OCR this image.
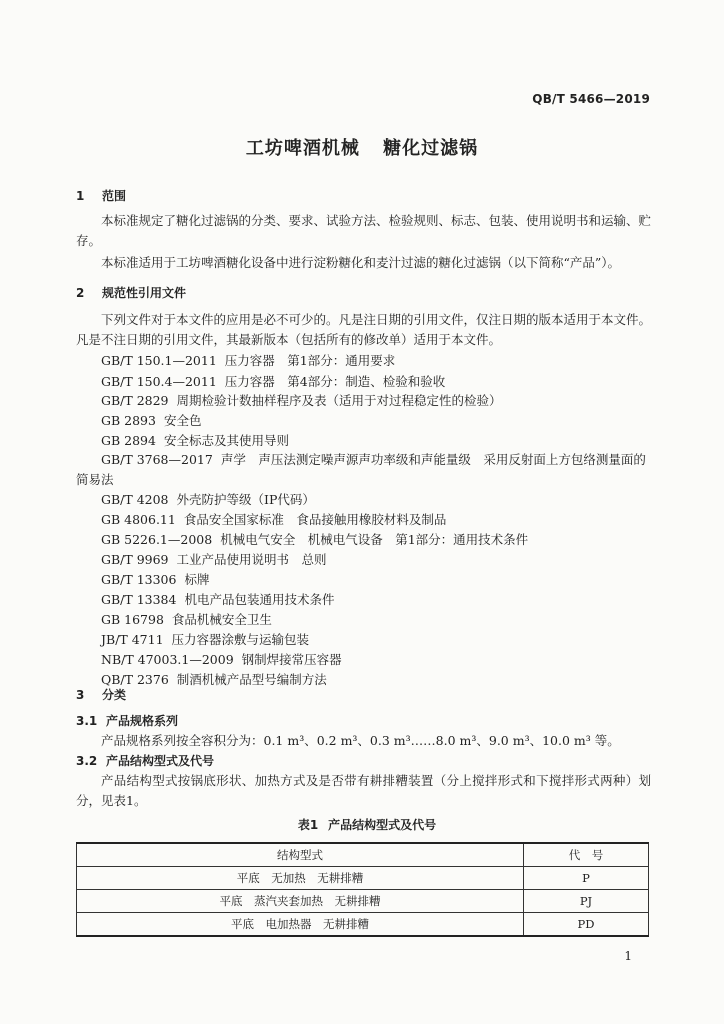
QB/T 5466—2019
工坊啤酒机械 糖化过滤锅
1 范围
本标准规定了糖化过滤锅的分类、要求、试验方法、检验规则、标志、包装、使用说明书和运输、贮存。
本标准适用于工坊啤酒糖化设备中进行淀粉糖化和麦汁过滤的糖化过滤锅（以下简称“产品”）。
2 规范性引用文件
下列文件对于本文件的应用是必不可少的。凡是注日期的引用文件，仅注日期的版本适用于本文件。凡是不注日期的引用文件，其最新版本（包括所有的修改单）适用于本文件。
GB/T 150.1—2011 压力容器　第1部分：通用要求
GB/T 150.4—2011 压力容器　第4部分：制造、检验和验收
GB/T 2829 周期检验计数抽样程序及表（适用于对过程稳定性的检验）
GB 2893 安全色
GB 2894 安全标志及其使用导则
GB/T 3768—2017 声学　声压法测定噪声源声功率级和声能量级　采用反射面上方包络测量面的简易法
GB/T 4208 外壳防护等级（IP代码）
GB 4806.11 食品安全国家标准　食品接触用橡胶材料及制品
GB 5226.1—2008 机械电气安全　机械电气设备　第1部分：通用技术条件
GB/T 9969 工业产品使用说明书　总则
GB/T 13306 标牌
GB/T 13384 机电产品包装通用技术条件
GB 16798 食品机械安全卫生
JB/T 4711 压力容器涂敷与运输包装
NB/T 47003.1—2009 钢制焊接常压容器
QB/T 2376 制酒机械产品型号编制方法
3 分类
3.1 产品规格系列
产品规格系列按全容积分为：0.1 m³、0.2 m³、0.3 m³……8.0 m³、9.0 m³、10.0 m³ 等。
3.2 产品结构型式及代号
产品结构型式按锅底形状、加热方式及是否带有耕排糟装置（分上搅拌形式和下搅拌形式两种）划分，见表1。
表1 产品结构型式及代号
结构型式	代　号
平底　无加热　无耕排糟	P
平底　蒸汽夹套加热　无耕排糟	PJ
平底　电加热器　无耕排糟	PD
1
